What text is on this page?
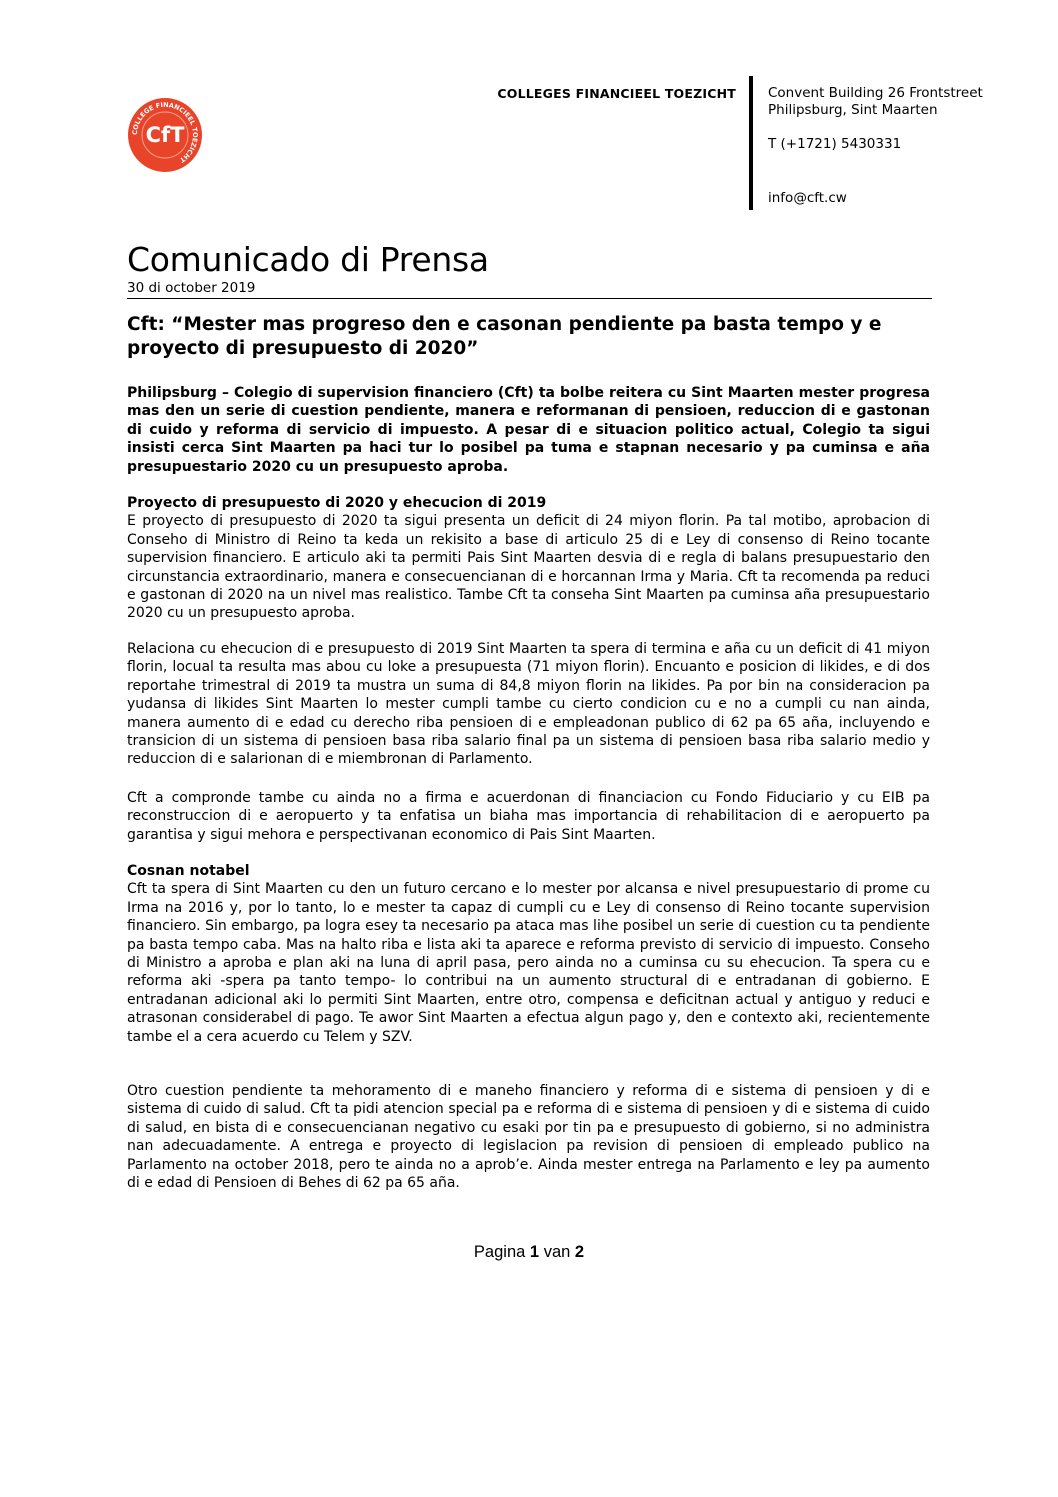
COLLEGE FINANCIEEL TOEZICHT
CfT
COLLEGES FINANCIEEL TOEZICHT Convent Building 26 Frontstreet
Philipsburg, Sint Maarten
T (+1721) 5430331
info@cft.cw
Comunicado di Prensa
30 di october 2019
Cft: “Mester mas progreso den e casonan pendiente pa basta tempo y e proyecto di presupuesto di 2020”
Philipsburg – Colegio di supervision financiero (Cft) ta bolbe reitera cu Sint Maarten mester progresa mas den un serie di cuestion pendiente, manera e reformanan di pensioen, reduccion di e gastonan di cuido y reforma di servicio di impuesto. A pesar di e situacion politico actual, Colegio ta sigui insisti cerca Sint Maarten pa haci tur lo posibel pa tuma e stapnan necesario y pa cuminsa e aña presupuestario 2020 cu un presupuesto aproba.
Proyecto di presupuesto di 2020 y ehecucion di 2019

E proyecto di presupuesto di 2020 ta sigui presenta un deficit di 24 miyon florin. Pa tal motibo, aprobacion di Conseho di Ministro di Reino ta keda un rekisito a base di articulo 25 di e Ley di consenso di Reino tocante supervision financiero. E articulo aki ta permiti Pais Sint Maarten desvia di e regla di balans presupuestario den circunstancia extraordinario, manera e consecuencianan di e horcannan Irma y Maria. Cft ta recomenda pa reduci e gastonan di 2020 na un nivel mas realistico. Tambe Cft ta conseha Sint Maarten pa cuminsa aña presupuestario 2020 cu un presupuesto aproba.

Relaciona cu ehecucion di e presupuesto di 2019 Sint Maarten ta spera di termina e aña cu un deficit di 41 miyon florin, locual ta resulta mas abou cu loke a presupuesta (71 miyon florin). Encuanto e posicion di likides, e di dos reportahe trimestral di 2019 ta mustra un suma di 84,8 miyon florin na likides. Pa por bin na consideracion pa yudansa di likides Sint Maarten lo mester cumpli tambe cu cierto condicion cu e no a cumpli cu nan ainda, manera aumento di e edad cu derecho riba pensioen di e empleadonan publico di 62 pa 65 aña, incluyendo e transicion di un sistema di pensioen basa riba salario final pa un sistema di pensioen basa riba salario medio y reduccion di e salarionan di e miembronan di Parlamento.

Cft a compronde tambe cu ainda no a firma e acuerdonan di financiacion cu Fondo Fiduciario y cu EIB pa reconstruccion di e aeropuerto y ta enfatisa un biaha mas importancia di rehabilitacion di e aeropuerto pa garantisa y sigui mehora e perspectivanan economico di Pais Sint Maarten.

Cosnan notabel

Cft ta spera di Sint Maarten cu den un futuro cercano e lo mester por alcansa e nivel presupuestario di prome cu Irma na 2016 y, por lo tanto, lo e mester ta capaz di cumpli cu e Ley di consenso di Reino tocante supervision financiero. Sin embargo, pa logra esey ta necesario pa ataca mas lihe posibel un serie di cuestion cu ta pendiente pa basta tempo caba. Mas na halto riba e lista aki ta aparece e reforma previsto di servicio di impuesto. Conseho di Ministro a aproba e plan aki na luna di april pasa, pero ainda no a cuminsa cu su ehecucion. Ta spera cu e reforma aki -spera pa tanto tempo- lo contribui na un aumento structural di e entradanan di gobierno. E entradanan adicional aki lo permiti Sint Maarten, entre otro, compensa e deficitnan actual y antiguo y reduci e atrasonan considerabel di pago. Te awor Sint Maarten a efectua algun pago y, den e contexto aki, recientemente tambe el a cera acuerdo cu Telem y SZV.

Otro cuestion pendiente ta mehoramento di e maneho financiero y reforma di e sistema di pensioen y di e sistema di cuido di salud. Cft ta pidi atencion special pa e reforma di e sistema di pensioen y di e sistema di cuido di salud, en bista di e consecuencianan negativo cu esaki por tin pa e presupuesto di gobierno, si no administra nan adecuadamente. A entrega e proyecto di legislacion pa revision di pensioen di empleado publico na Parlamento na october 2018, pero te ainda no a aprob’e. Ainda mester entrega na Parlamento e ley pa aumento di e edad di Pensioen di Behes di 62 pa 65 aña.

Pagina 1 van 2
